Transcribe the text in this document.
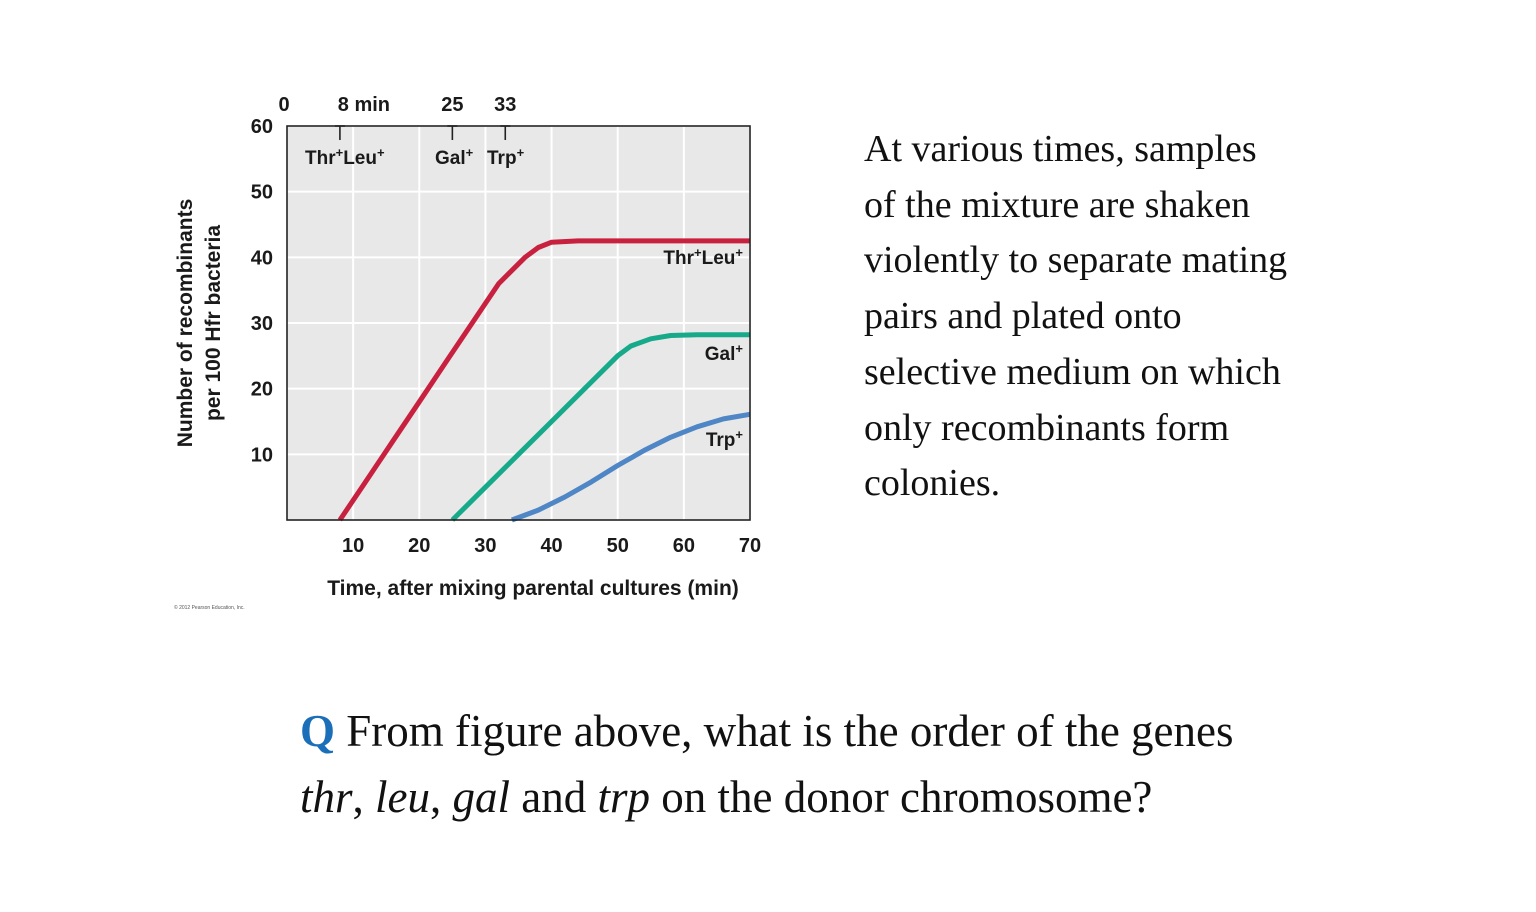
10 20 30 40 50 60 70
10
20
30
40
50
60
Time, after mixing parental cultures (min)
Number of recombinants per 100 Hfr bacteria
0 8 min	25 33
Thr+Leu+	Gal+ Trp+
Thr+Leu+
Gal+
Trp+
© 2012 Pearson Education, Inc.
At various times, samples
of the mixture are shaken
violently to separate mating
pairs and plated onto
selective medium on which
only recombinants form
colonies.
Q From figure above, what is the order of the genes
thr, leu, gal and trp on the donor chromosome?
